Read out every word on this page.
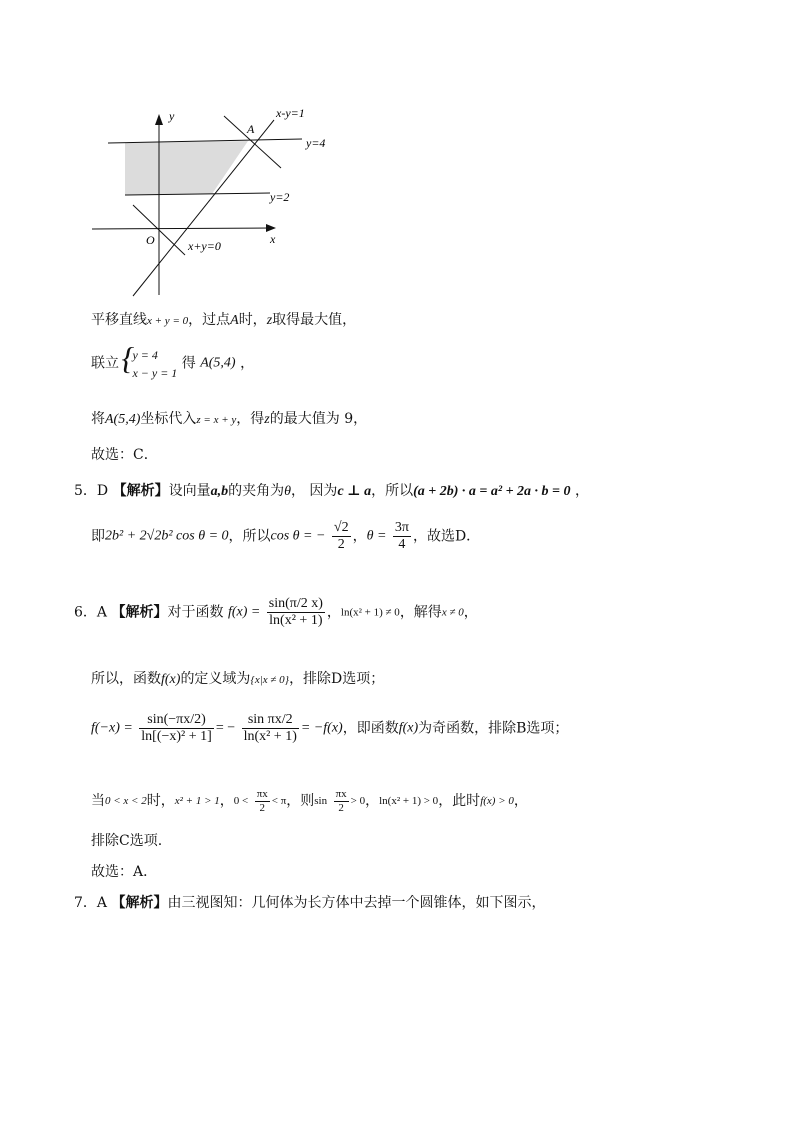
y
x
O
A
x-y=1
y=4
y=2
x+y=0
平移直线x + y = 0，过点A时，z取得最大值，
联立 {
y = 4
x − y = 1
得 A(5,4) ，
将A(5,4)坐标代入z = x + y，得z的最大值为 9，
故选：C．
5．D 【解析】设向量a,b的夹角为θ， 因为c ⊥ a，所以(a + 2b) · a = a² + 2a · b = 0 ，
即2b² + 2√2b² cos θ = 0，所以cos θ = − $\frac{√2}{2}$ ，$\theta = \frac{3\pi}{4}$ ，故选D．
6．A 【解析】对于函数 $f(x) = \frac{\sin(\pi/2 x)}{\text{ln(x² + 1)}}$ ，ln(x² + 1) ≠ 0，解得x ≠ 0，
所以，函数f(x)的定义域为{x|x ≠ 0}，排除D选项；
$f(-x) = \frac{\sin(-\pi x/2)}{\text{ln[(−x)² + 1]}}$ = − $\frac{\text{sin πx/2}}{\text{ln(x² + 1)}} = -f(x)$，即函数f(x)为奇函数，排除B选项；
当0 < x < 2时，x² + 1 > 1，$0 < \frac{\pi x}{2} < \pi$，则$\sin \frac{\pi x}{2} > 0$，ln(x² + 1) > 0，此时f(x) > 0，
排除C选项.
故选：A．
7．A 【解析】由三视图知：几何体为长方体中去掉一个圆锥体，如下图示，
